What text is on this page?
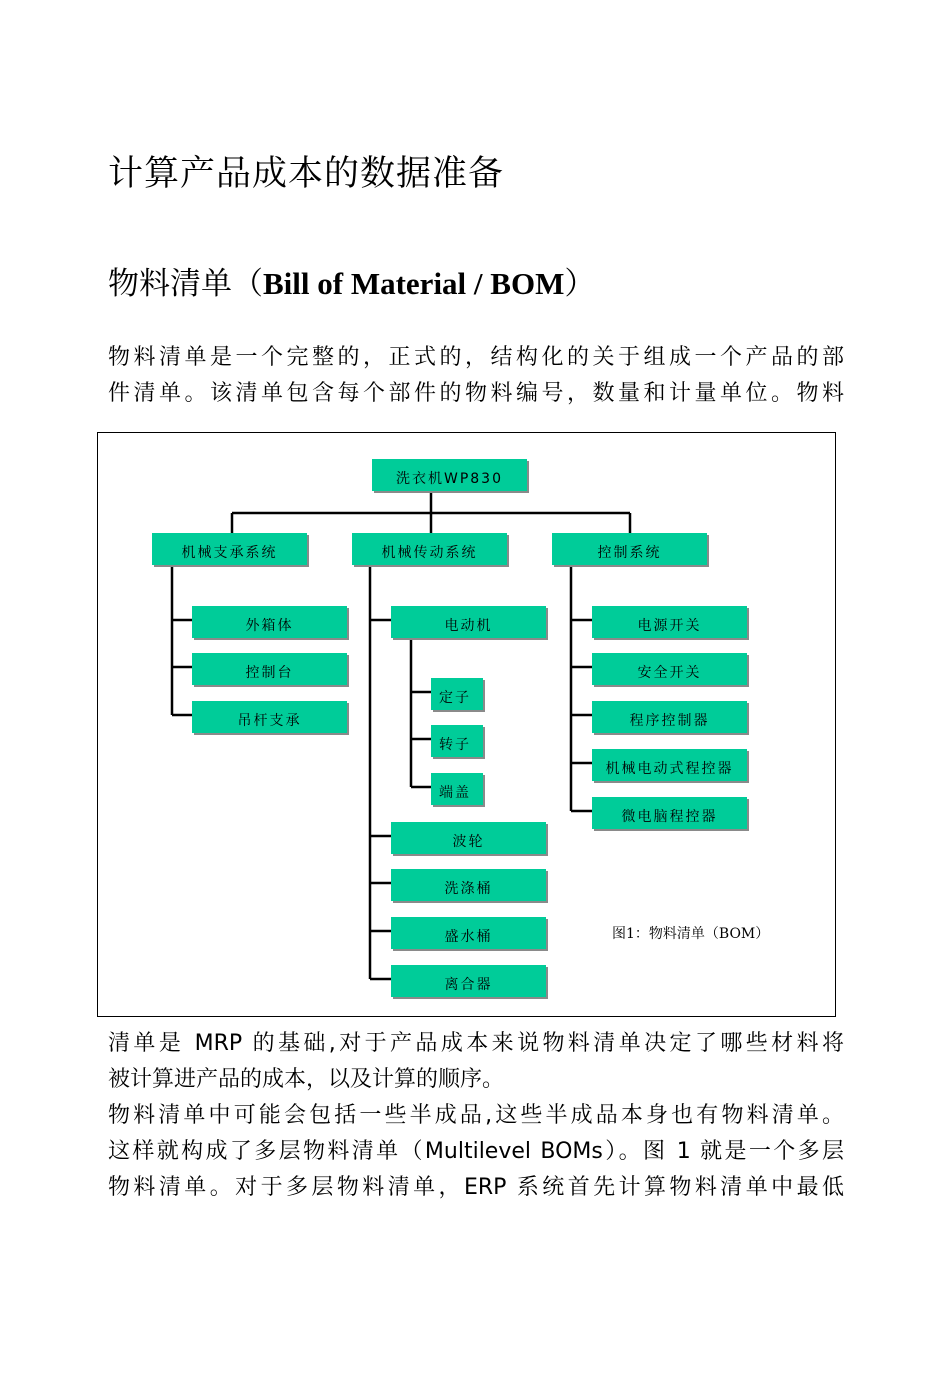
计算产品成本的数据准备
物料清单（Bill of Material / BOM）

物料清单是一个完整的，正式的，结构化的关于组成一个产品的部
件清单。该清单包含每个部件的物料编号，数量和计量单位。物料

洗衣机WP830
机械支承系统	机械传动系统	控制系统
外箱体
控制台
吊杆支承
电动机
波轮
洗涤桶
盛水桶
离合器
定子
转子
端盖
电源开关
安全开关
程序控制器
机械电动式程控器
微电脑程控器
图1：物料清单（BOM）

清单是 MRP 的基础,对于产品成本来说物料清单决定了哪些材料将
被计算进产品的成本，以及计算的顺序。
物料清单中可能会包括一些半成品,这些半成品本身也有物料清单。
这样就构成了多层物料清单（Multilevel BOMs）。图 1 就是一个多层
物料清单。对于多层物料清单，ERP 系统首先计算物料清单中最低
